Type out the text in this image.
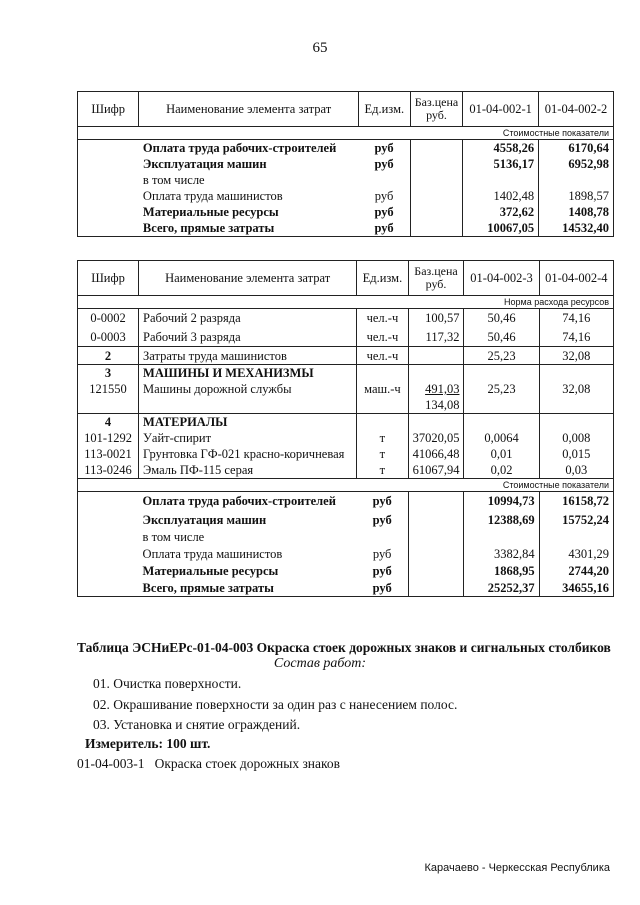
65
Шифр	Наименование элемента затрат	Ед.изм.	Баз.цена
руб.	01-04-002-1	01-04-002-2
Стоимостные показатели					
	Оплата труда рабочих-строителей	руб		4558,26	6170,64
	Эксплуатация машин	руб		5136,17	6952,98
	в том числе				
	Оплата труда машинистов	руб		1402,48	1898,57
	Материальные ресурсы	руб		372,62	1408,78
	Всего, прямые затраты	руб		10067,05	14532,40
Шифр	Наименование элемента затрат	Ед.изм.	Баз.цена
руб.	01-04-002-3	01-04-002-4
Норма расхода ресурсов					
0-0002	Рабочий 2 разряда	чел.-ч	100,57	50,46	74,16
0-0003	Рабочий 3 разряда	чел.-ч	117,32	50,46	74,16
2	Затраты труда машинистов	чел.-ч		25,23	32,08
3	МАШИНЫ И МЕХАНИЗМЫ				
121550	Машины дорожной службы	маш.-ч	491,03	25,23	32,08
			134,08		
4	МАТЕРИАЛЫ				
101-1292	Уайт-спирит	т	37020,05	0,0064	0,008
113-0021	Грунтовка ГФ-021 красно-коричневая	т	41066,48	0,01	0,015
113-0246	Эмаль ПФ-115 серая	т	61067,94	0,02	0,03
Стоимостные показатели					
	Оплата труда рабочих-строителей	руб		10994,73	16158,72
	Эксплуатация машин	руб		12388,69	15752,24
	в том числе				
	Оплата труда машинистов	руб		3382,84	4301,29
	Материальные ресурсы	руб		1868,95	2744,20
	Всего, прямые затраты	руб		25252,37	34655,16
Таблица ЭСНиЕРс-01-04-003 Окраска стоек дорожных знаков и сигнальных столбиков
Состав работ:
01. Очистка поверхности.
02. Окрашивание поверхности за один раз с нанесением полос.
03. Установка и снятие ограждений.
Измеритель: 100 шт.
01-04-003-1   Окраска стоек дорожных знаков
Карачаево - Черкесская Республика
